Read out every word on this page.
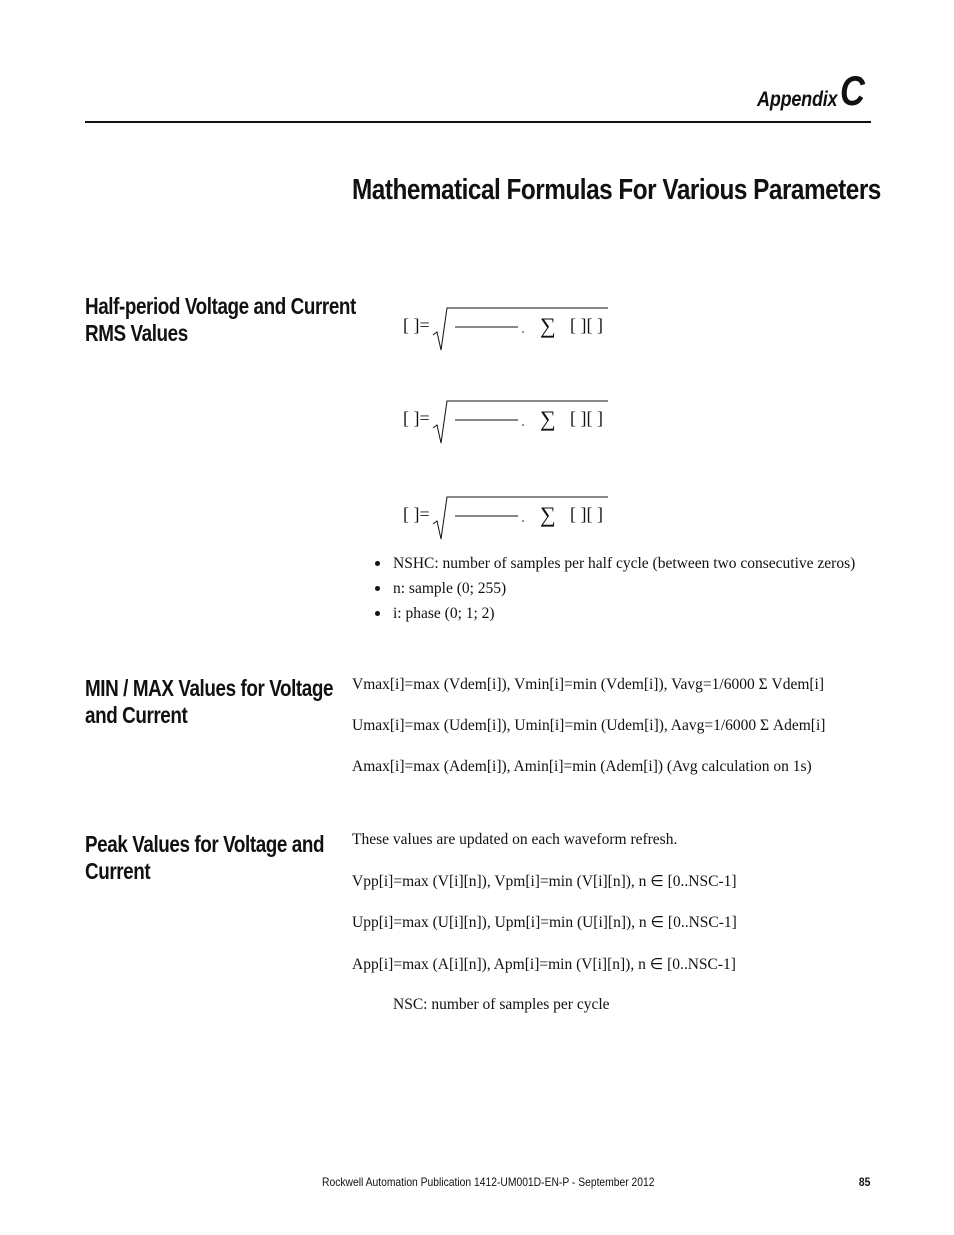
Appendix C
Mathematical Formulas For Various Parameters
Half-period Voltage and Current RMS Values	[ ]=	∑ [ ][ ]
[ ]=	∑ [ ][ ]
[ ]=	∑ [ ][ ]
NSHC: number of samples per half cycle (between two consecutive zeros)
n: sample (0; 255)
i: phase (0; 1; 2)
MIN / MAX Values for Voltage and Current
Vmax[i]=max (Vdem[i]), Vmin[i]=min (Vdem[i]), Vavg=1/6000 Σ Vdem[i]
Umax[i]=max (Udem[i]), Umin[i]=min (Udem[i]), Aavg=1/6000 Σ Adem[i]
Amax[i]=max (Adem[i]), Amin[i]=min (Adem[i]) (Avg calculation on 1s)
Peak Values for Voltage and Current
These values are updated on each waveform refresh.
Vpp[i]=max (V[i][n]), Vpm[i]=min (V[i][n]), n ∈ [0..NSC-1]
Upp[i]=max (U[i][n]), Upm[i]=min (U[i][n]), n ∈ [0..NSC-1]
App[i]=max (A[i][n]), Apm[i]=min (V[i][n]), n ∈ [0..NSC-1]
NSC: number of samples per cycle
Rockwell Automation Publication 1412-UM001D-EN-P - September 2012	85
